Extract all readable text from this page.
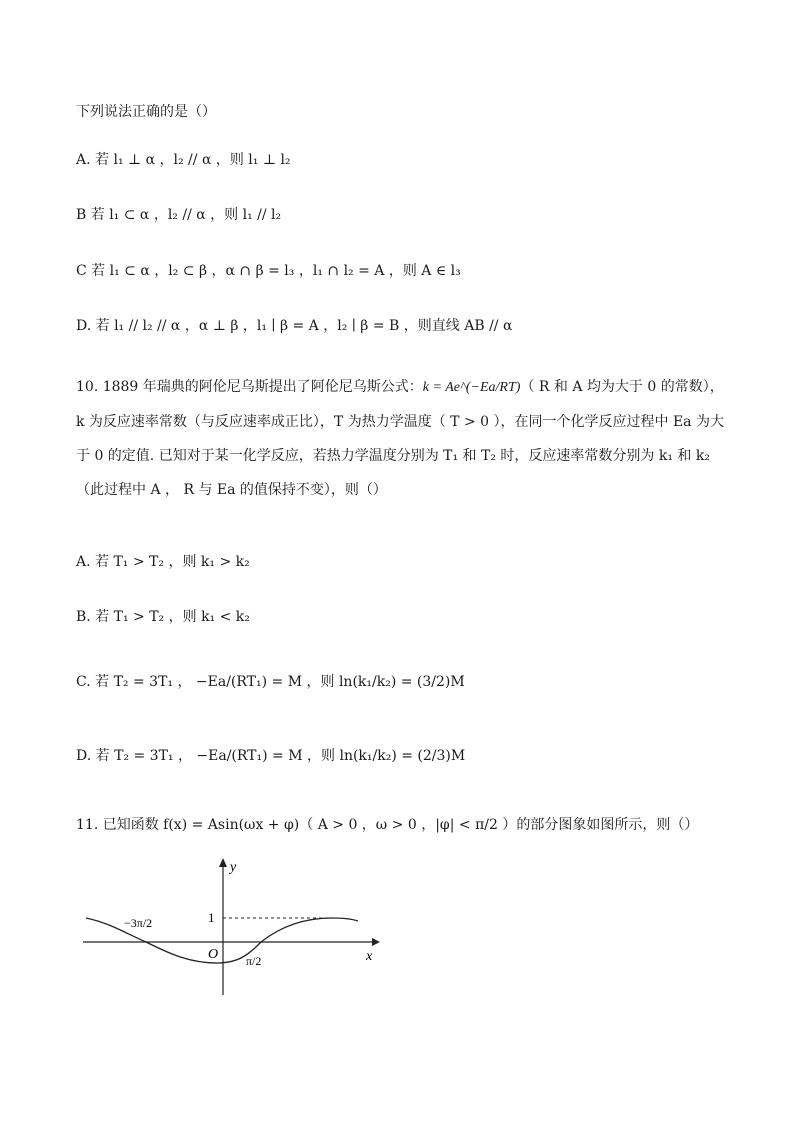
下列说法正确的是（）
A. 若 l₁ ⊥ α ，l₂ // α ，则 l₁ ⊥ l₂
B 若 l₁ ⊂ α ，l₂ // α ，则 l₁ // l₂
C 若 l₁ ⊂ α ，l₂ ⊂ β ，α ∩ β = l₃ ，l₁ ∩ l₂ = A ，则 A ∈ l₃
D. 若 l₁ // l₂ // α ，α ⊥ β ，l₁ ∣ β = A ，l₂ ∣ β = B ，则直线 AB // α
10. 1889 年瑞典的阿伦尼乌斯提出了阿伦尼乌斯公式：k = Ae^(−Ea/RT)（ R 和 A 均为大于 0 的常数），k 为反应速率常数（与反应速率成正比），T 为热力学温度（ T > 0 ），在同一个化学反应过程中 Ea 为大于 0 的定值. 已知对于某一化学反应，若热力学温度分别为 T₁ 和 T₂ 时，反应速率常数分别为 k₁ 和 k₂（此过程中 A ， R 与 Ea 的值保持不变），则（）
A. 若 T₁ > T₂ ，则 k₁ > k₂
B. 若 T₁ > T₂ ，则 k₁ < k₂
C. 若 T₂ = 3T₁ ， −Ea/(RT₁) = M ，则 ln(k₁/k₂) = (3/2)M
D. 若 T₂ = 3T₁ ， −Ea/(RT₁) = M ，则 ln(k₁/k₂) = (2/3)M
11. 已知函数 f(x) = Asin(ωx + φ)（ A > 0 ，ω > 0 ，|φ| < π/2 ）的部分图象如图所示，则（）
y
x
O
1
−3π/2
π/2
